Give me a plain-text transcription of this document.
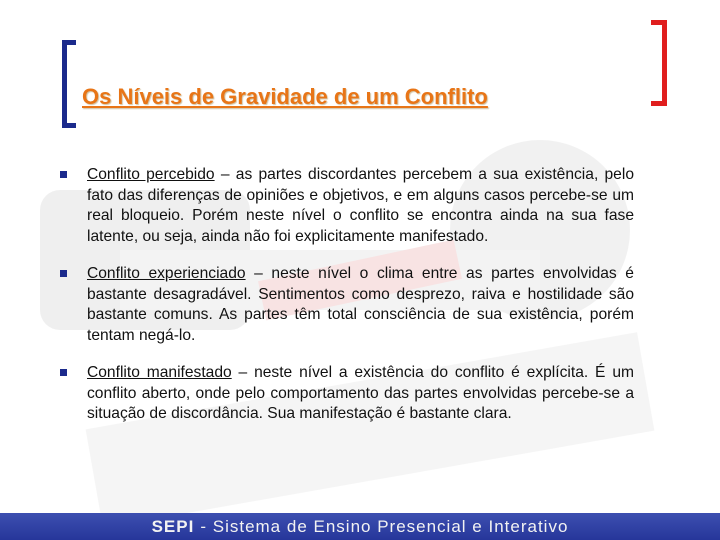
Os Níveis de Gravidade de um Conflito
Conflito percebido – as partes discordantes percebem a sua existência, pelo fato das diferenças de opiniões e objetivos, e em alguns casos percebe-se um real bloqueio. Porém neste nível o conflito se encontra ainda na sua fase latente, ou seja, ainda não foi explicitamente manifestado.
Conflito experienciado – neste nível o clima entre as partes envolvidas é bastante desagradável. Sentimentos como desprezo, raiva e hostilidade são bastante comuns. As partes têm total consciência de sua existência, porém tentam negá-lo.
Conflito manifestado – neste nível a existência do conflito é explícita. É um conflito aberto, onde pelo comportamento das partes envolvidas percebe-se a situação de discordância. Sua manifestação é bastante clara.
SEPI - Sistema de Ensino Presencial e Interativo
